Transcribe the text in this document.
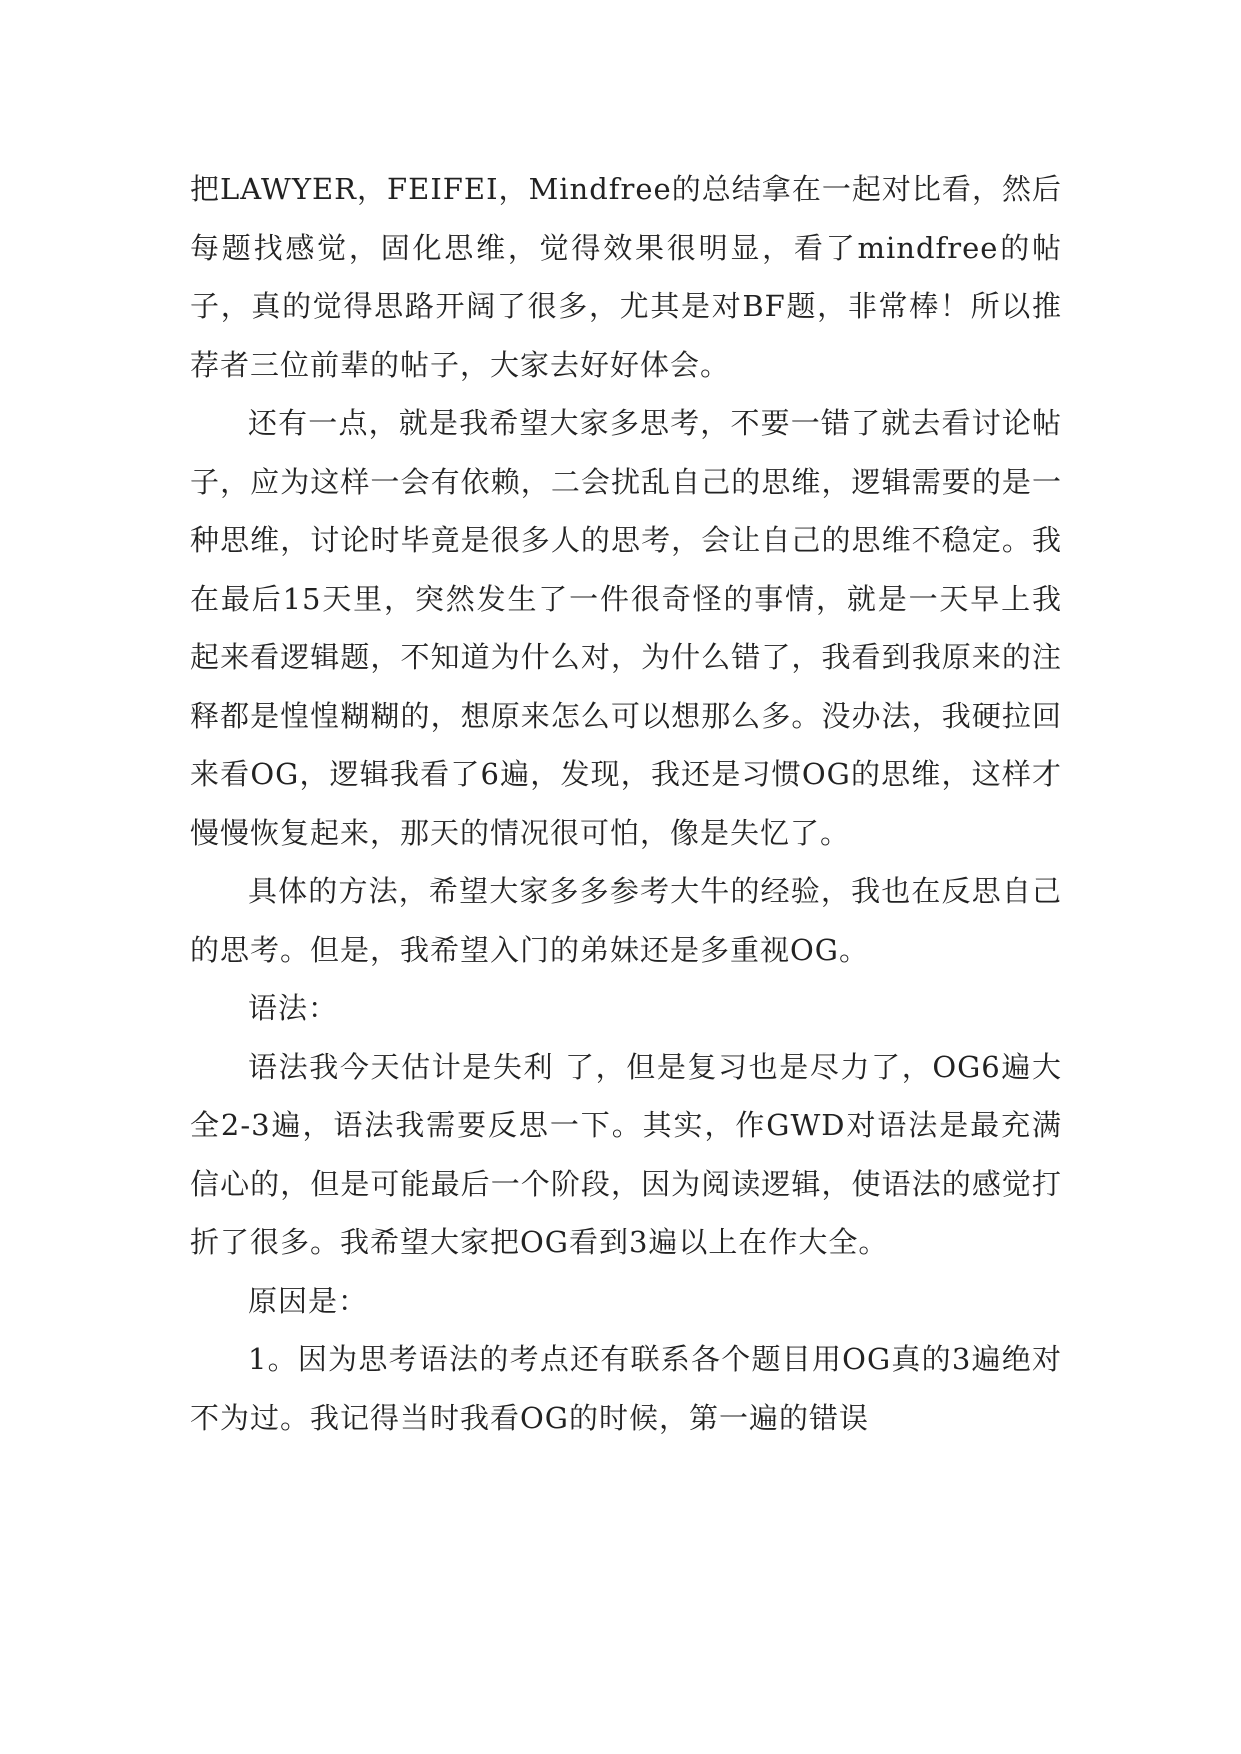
把LAWYER，FEIFEI，Mindfree的总结拿在一起对比看，然后每题找感觉，固化思维，觉得效果很明显，看了mindfree的帖子，真的觉得思路开阔了很多，尤其是对BF题，非常棒！所以推荐者三位前辈的帖子，大家去好好体会。

还有一点，就是我希望大家多思考，不要一错了就去看讨论帖子，应为这样一会有依赖，二会扰乱自己的思维，逻辑需要的是一种思维，讨论时毕竟是很多人的思考，会让自己的思维不稳定。我在最后15天里，突然发生了一件很奇怪的事情，就是一天早上我起来看逻辑题，不知道为什么对，为什么错了，我看到我原来的注释都是惶惶糊糊的，想原来怎么可以想那么多。没办法，我硬拉回来看OG，逻辑我看了6遍，发现，我还是习惯OG的思维，这样才慢慢恢复起来，那天的情况很可怕，像是失忆了。

具体的方法，希望大家多多参考大牛的经验，我也在反思自己的思考。但是，我希望入门的弟妹还是多重视OG。

语法：

语法我今天估计是失利 了，但是复习也是尽力了，OG6遍大全2-3遍，语法我需要反思一下。其实，作GWD对语法是最充满信心的，但是可能最后一个阶段，因为阅读逻辑，使语法的感觉打折了很多。我希望大家把OG看到3遍以上在作大全。

原因是：

1。因为思考语法的考点还有联系各个题目用OG真的3遍绝对不为过。我记得当时我看OG的时候，第一遍的错误
